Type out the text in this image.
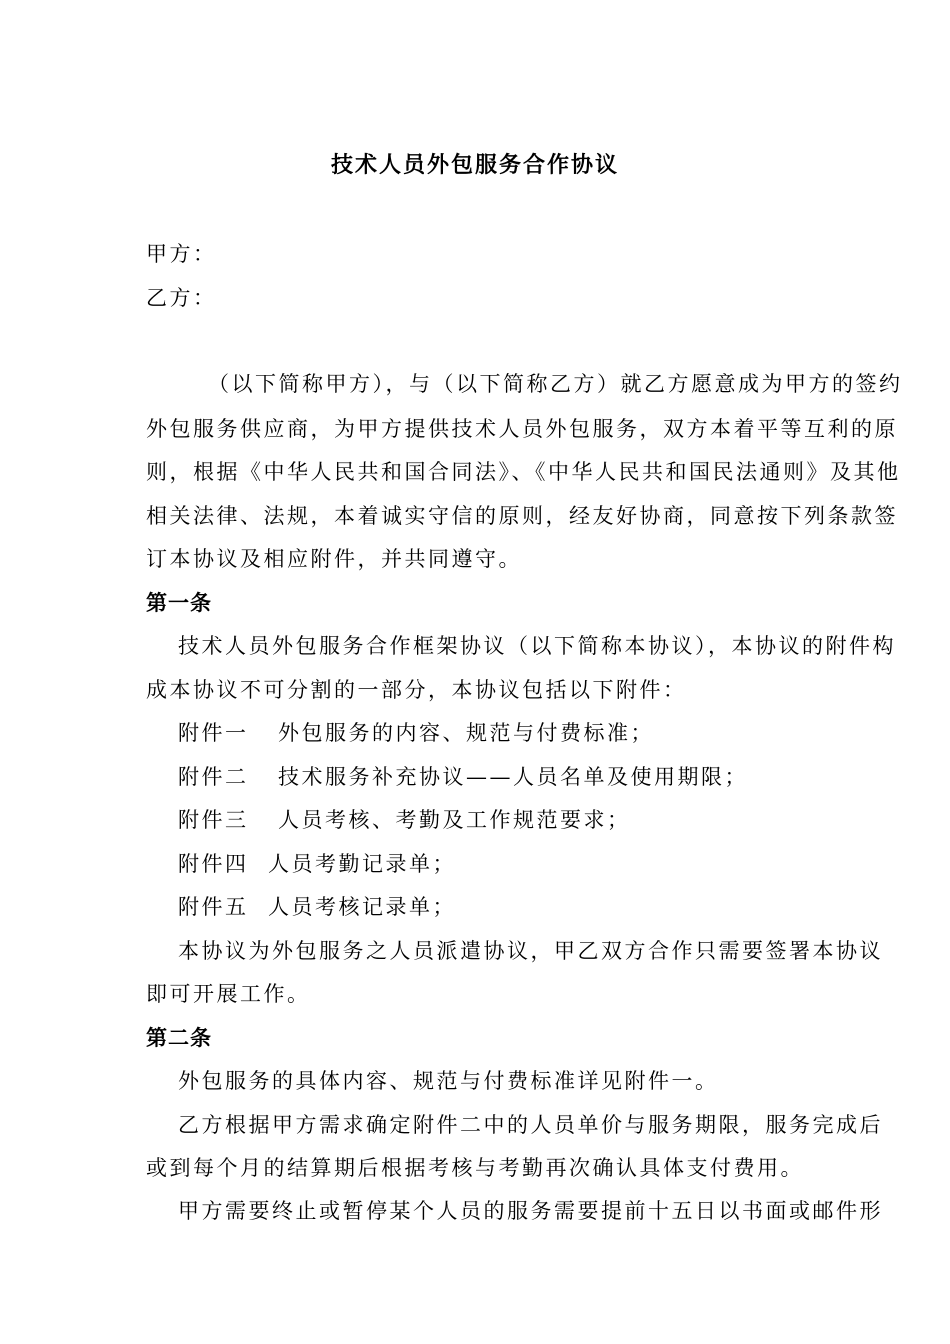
技术人员外包服务合作协议
甲方：
乙方：
（以下简称甲方），与（以下简称乙方）就乙方愿意成为甲方的签约
外包服务供应商，为甲方提供技术人员外包服务，双方本着平等互利的原
则，根据《中华人民共和国合同法》、《中华人民共和国民法通则》及其他
相关法律、法规，本着诚实守信的原则，经友好协商，同意按下列条款签
订本协议及相应附件，并共同遵守。
第一条
技术人员外包服务合作框架协议（以下简称本协议），本协议的附件构
成本协议不可分割的一部分，本协议包括以下附件：
附件一 外包服务的内容、规范与付费标准；
附件二 技术服务补充协议——人员名单及使用期限；
附件三 人员考核、考勤及工作规范要求；
附件四 人员考勤记录单；
附件五 人员考核记录单；
本协议为外包服务之人员派遣协议，甲乙双方合作只需要签署本协议
即可开展工作。
第二条
外包服务的具体内容、规范与付费标准详见附件一。
乙方根据甲方需求确定附件二中的人员单价与服务期限，服务完成后
或到每个月的结算期后根据考核与考勤再次确认具体支付费用。
甲方需要终止或暂停某个人员的服务需要提前十五日以书面或邮件形
